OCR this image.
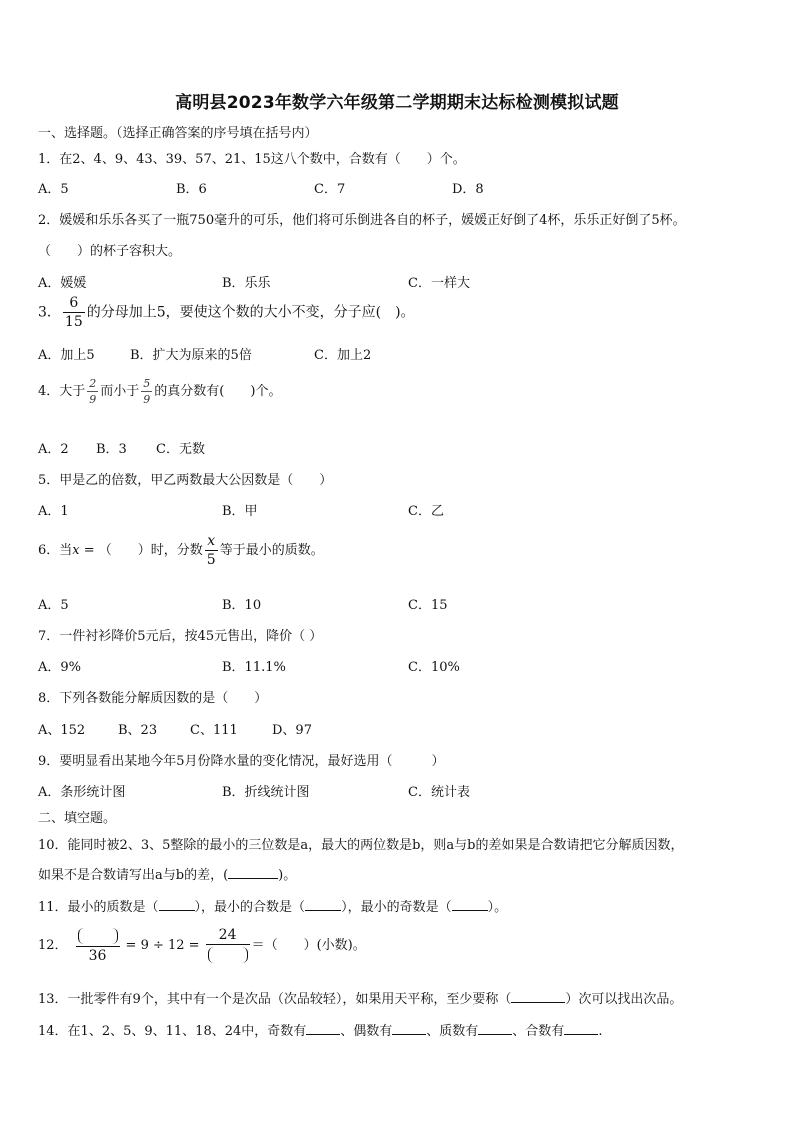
高明县2023年数学六年级第二学期期末达标检测模拟试题
一、选择题。（选择正确答案的序号填在括号内）
1．在2、4、9、43、39、57、21、15这八个数中，合数有（　　）个。
A．5	B．6	C．7	D．8
2．媛媛和乐乐各买了一瓶750毫升的可乐，他们将可乐倒进各自的杯子，媛媛正好倒了4杯，乐乐正好倒了5杯。
（　　）的杯子容积大。
A．媛媛	B．乐乐	C．一样大
3． $\frac{6}{15}$ 的分母加上5，要使这个数的大小不变，分子应(　)。
A．加上5	B．扩大为原来的5倍	C．加上2
4．大于 $\frac{2}{9}$ 而小于 $\frac{5}{9}$ 的真分数有(　　)个。
A．2 B．3 C．无数
5．甲是乙的倍数，甲乙两数最大公因数是（　　）
A．1	B．甲	C．乙
6．当x = （　　）时，分数 $\frac{x}{5}$ 等于最小的质数。
A．5	B．10	C．15
7．一件衬衫降价5元后，按45元售出，降价（ ）
A．9%	B．11.1%	C．10%
8．下列各数能分解质因数的是（　　）
A、152	B、23	C、111	D、97
9．要明显看出某地今年5月份降水量的变化情况，最好选用（　　　）
A．条形统计图	B．折线统计图	C．统计表
二、填空题。
10．能同时被2、3、5整除的最小的三位数是a，最大的两位数是b，则a与b的差如果是合数请把它分解质因数，
如果不是合数请写出a与b的差，(	)。
11．最小的质数是（	），最小的合数是（	），最小的奇数是（	）。
12．
36
= 9 ÷ 12 =
24
＝（　　）(小数)。
13．一批零件有9个，其中有一个是次品（次品较轻），如果用天平称，至少要称（	）次可以找出次品。
14．在1、2、5、9、11、18、24中，奇数有	、偶数有	、质数有	、合数有	.
